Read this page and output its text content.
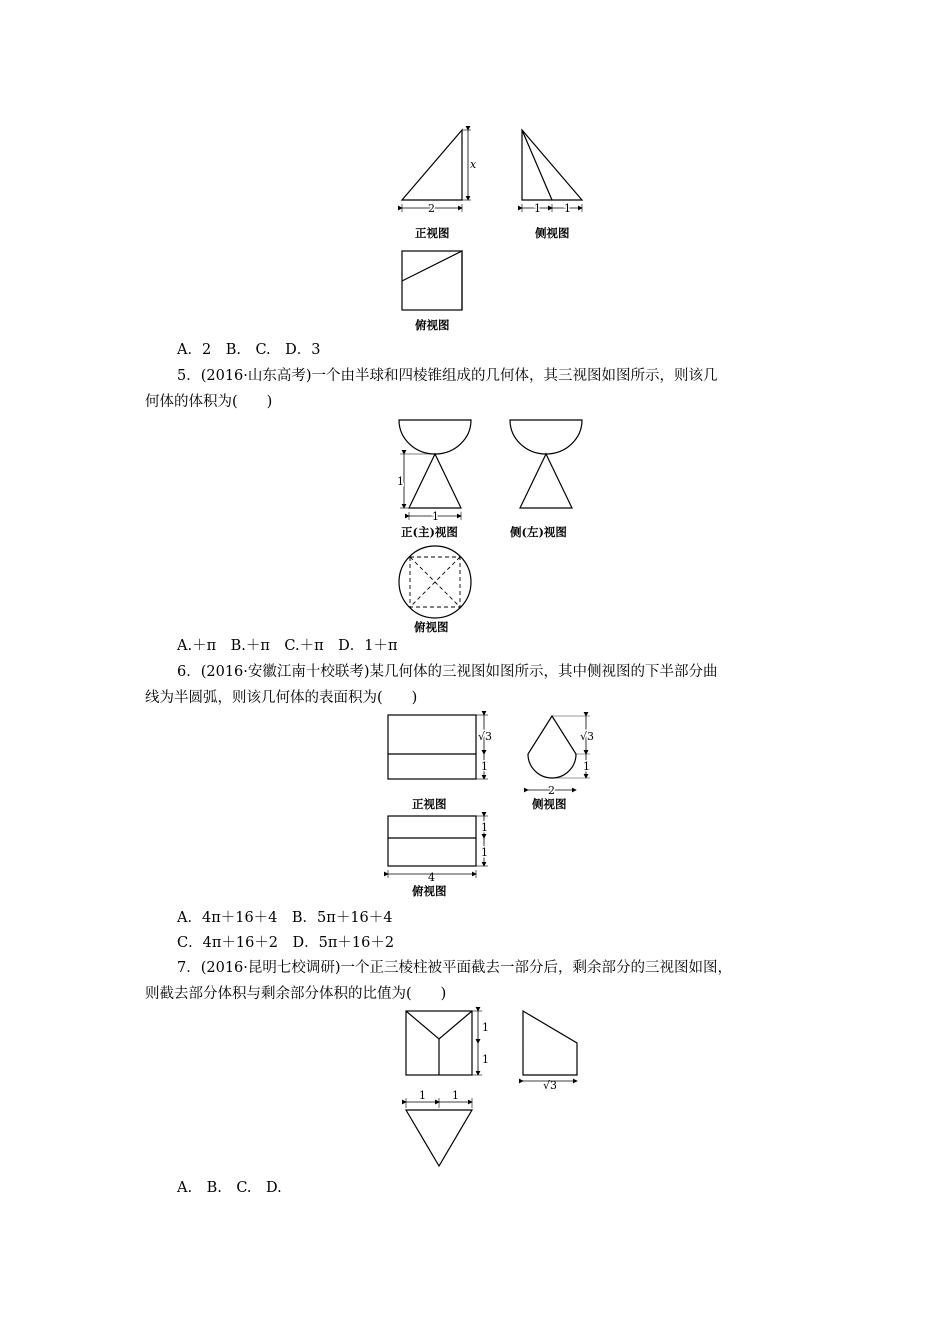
x
2
正视图
1 1
侧视图
俯视图
A．2　B.　C.　D．3
5．(2016·山东高考)一个由半球和四棱锥组成的几何体，其三视图如图所示，则该几
何体的体积为(　　)
1
1
正(主)视图	侧(左)视图
俯视图
A.＋π　B.＋π　C.＋π　D．1＋π
6．(2016·安徽江南十校联考)某几何体的三视图如图所示，其中侧视图的下半部分曲
线为半圆弧，则该几何体的表面积为(　　)
√3
1
正视图
√3
1
2
侧视图
1
1
4
俯视图
A．4π＋16＋4　B．5π＋16＋4
C．4π＋16＋2　D．5π＋16＋2
7．(2016·昆明七校调研)一个正三棱柱被平面截去一部分后，剩余部分的三视图如图，
则截去部分体积与剩余部分体积的比值为(　　)
1
1
√3
1 1
A.　B.　C.　D.
